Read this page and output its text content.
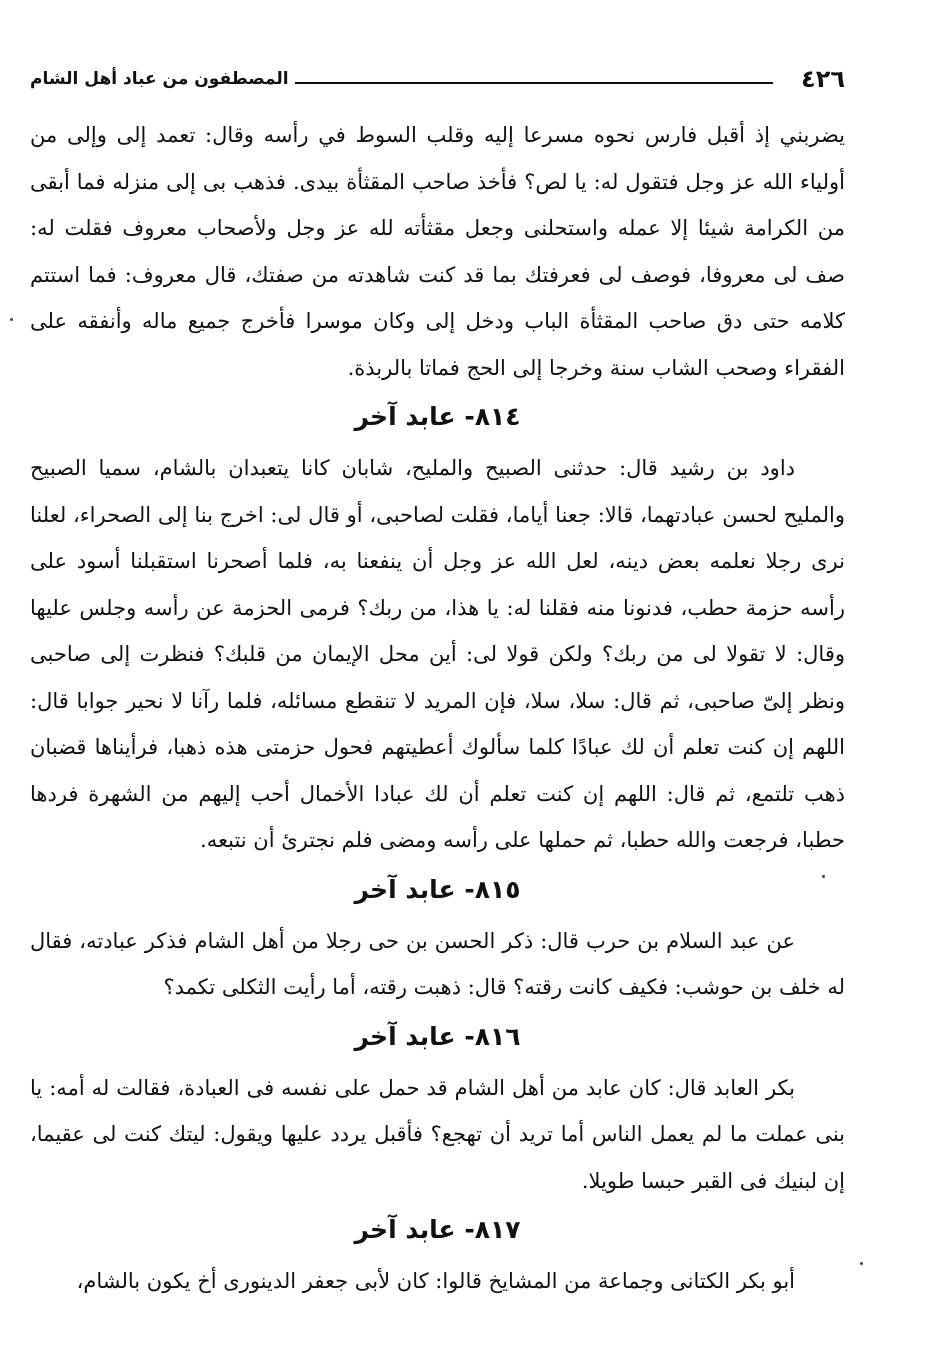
٤٢٦
المصطفون من عباد أهل الشام

يضربني إذ أقبل فارس نحوه مسرعا إليه وقلب السوط في رأسه وقال: تعمد إلى وإلى من أولياء الله عز وجل فتقول له: يا لص؟ فأخذ صاحب المقثأة بيدى. فذهب بى إلى منزله فما أبقى من الكرامة شيئا إلا عمله واستحلنى وجعل مقثأته لله عز وجل ولأصحاب معروف فقلت له: صف لى معروفا، فوصف لى فعرفتك بما قد كنت شاهدته من صفتك، قال معروف: فما استتم كلامه حتى دق صاحب المقثأة الباب ودخل إلى وكان موسرا فأخرج جميع ماله وأنفقه على الفقراء وصحب الشاب سنة وخرجا إلى الحج فماتا بالربذة.

٨١٤- عابد آخر

داود بن رشيد قال: حدثنى الصبيح والمليح، شابان كانا يتعبدان بالشام، سميا الصبيح والمليح لحسن عبادتهما، قالا: جعنا أياما، فقلت لصاحبى، أو قال لى: اخرج بنا إلى الصحراء، لعلنا نرى رجلا نعلمه بعض دينه، لعل الله عز وجل أن ينفعنا به، فلما أصحرنا استقبلنا أسود على رأسه حزمة حطب، فدنونا منه فقلنا له: يا هذا، من ربك؟ فرمى الحزمة عن رأسه وجلس عليها وقال: لا تقولا لى من ربك؟ ولكن قولا لى: أين محل الإيمان من قلبك؟ فنظرت إلى صاحبى ونظر إلىّ صاحبى، ثم قال: سلا، سلا، فإن المريد لا تنقطع مسائله، فلما رآنا لا نحير جوابا قال: اللهم إن كنت تعلم أن لك عبادًا كلما سألوك أعطيتهم فحول حزمتى هذه ذهبا، فرأيناها قضبان ذهب تلتمع، ثم قال: اللهم إن كنت تعلم أن لك عبادا الأخمال أحب إليهم من الشهرة فردها حطبا، فرجعت والله حطبا، ثم حملها على رأسه ومضى فلم نجترئ أن نتبعه.

٨١٥- عابد آخر

عن عبد السلام بن حرب قال: ذكر الحسن بن حى رجلا من أهل الشام فذكر عبادته، فقال له خلف بن حوشب: فكيف كانت رقته؟ قال: ذهبت رقته، أما رأيت الثكلى تكمد؟

٨١٦- عابد آخر

بكر العابد قال: كان عابد من أهل الشام قد حمل على نفسه فى العبادة، فقالت له أمه: يا بنى عملت ما لم يعمل الناس أما تريد أن تهجع؟ فأقبل يردد عليها ويقول: ليتك كنت لى عقيما، إن لبنيك فى القبر حبسا طويلا.

٨١٧- عابد آخر

أبو بكر الكتانى وجماعة من المشايخ قالوا: كان لأبى جعفر الدينورى أخ يكون بالشام،
